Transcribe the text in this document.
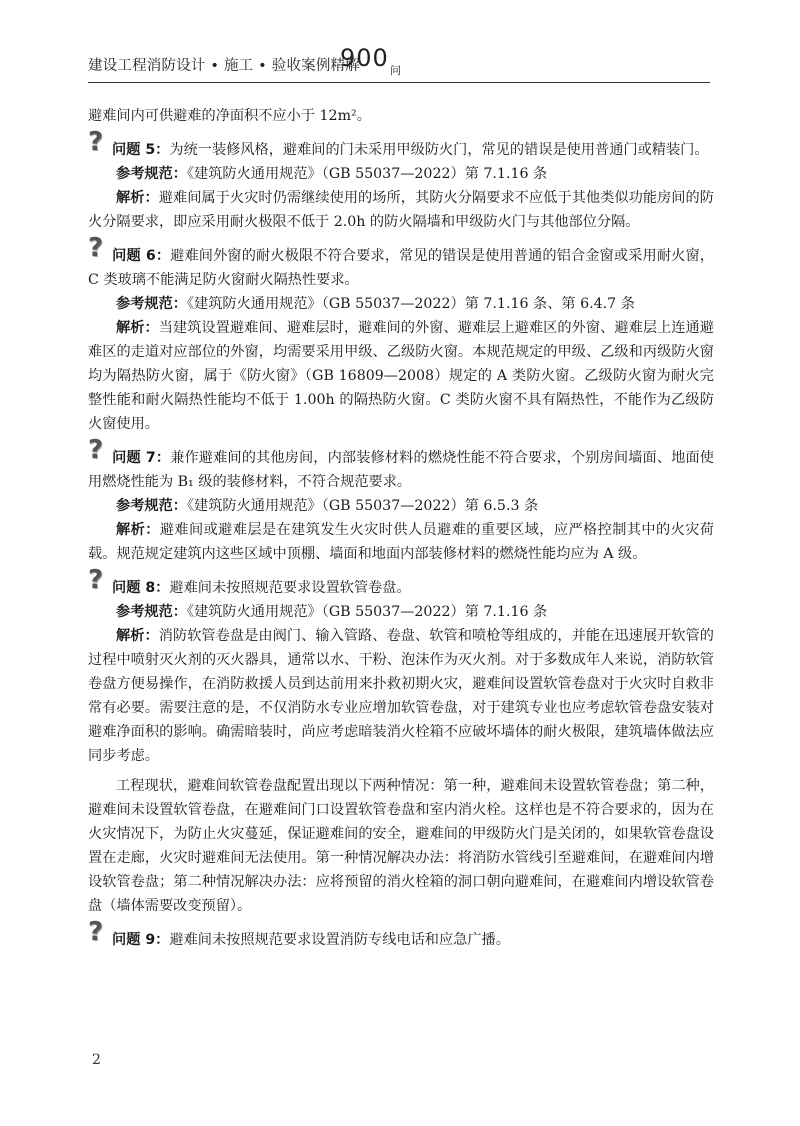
建设工程消防设计 • 施工 • 验收案例精解
900 问

避难间内可供避难的净面积不应小于 12m²。

? 问题 5：为统一装修风格，避难间的门未采用甲级防火门，常见的错误是使用普通门或精装门。

参考规范：《建筑防火通用规范》（GB 55037—2022）第 7.1.16 条

解析：避难间属于火灾时仍需继续使用的场所，其防火分隔要求不应低于其他类似功能房间的防火分隔要求，即应采用耐火极限不低于 2.0h 的防火隔墙和甲级防火门与其他部位分隔。

? 问题 6：避难间外窗的耐火极限不符合要求，常见的错误是使用普通的铝合金窗或采用耐火窗，C 类玻璃不能满足防火窗耐火隔热性要求。

参考规范：《建筑防火通用规范》（GB 55037—2022）第 7.1.16 条、第 6.4.7 条

解析：当建筑设置避难间、避难层时，避难间的外窗、避难层上避难区的外窗、避难层上连通避难区的走道对应部位的外窗，均需要采用甲级、乙级防火窗。本规范规定的甲级、乙级和丙级防火窗均为隔热防火窗，属于《防火窗》（GB 16809—2008）规定的 A 类防火窗。乙级防火窗为耐火完整性能和耐火隔热性能均不低于 1.00h 的隔热防火窗。C 类防火窗不具有隔热性，不能作为乙级防火窗使用。

? 问题 7：兼作避难间的其他房间，内部装修材料的燃烧性能不符合要求，个别房间墙面、地面使用燃烧性能为 B₁ 级的装修材料，不符合规范要求。

参考规范：《建筑防火通用规范》（GB 55037—2022）第 6.5.3 条

解析：避难间或避难层是在建筑发生火灾时供人员避难的重要区域，应严格控制其中的火灾荷载。规范规定建筑内这些区域中顶棚、墙面和地面内部装修材料的燃烧性能均应为 A 级。

? 问题 8：避难间未按照规范要求设置软管卷盘。

参考规范：《建筑防火通用规范》（GB 55037—2022）第 7.1.16 条

解析：消防软管卷盘是由阀门、输入管路、卷盘、软管和喷枪等组成的，并能在迅速展开软管的过程中喷射灭火剂的灭火器具，通常以水、干粉、泡沫作为灭火剂。对于多数成年人来说，消防软管卷盘方便易操作，在消防救援人员到达前用来扑救初期火灾，避难间设置软管卷盘对于火灾时自救非常有必要。需要注意的是，不仅消防水专业应增加软管卷盘，对于建筑专业也应考虑软管卷盘安装对避难净面积的影响。确需暗装时，尚应考虑暗装消火栓箱不应破坏墙体的耐火极限，建筑墙体做法应同步考虑。

工程现状，避难间软管卷盘配置出现以下两种情况：第一种，避难间未设置软管卷盘；第二种，避难间未设置软管卷盘，在避难间门口设置软管卷盘和室内消火栓。这样也是不符合要求的，因为在火灾情况下，为防止火灾蔓延，保证避难间的安全，避难间的甲级防火门是关闭的，如果软管卷盘设置在走廊，火灾时避难间无法使用。第一种情况解决办法：将消防水管线引至避难间，在避难间内增设软管卷盘；第二种情况解决办法：应将预留的消火栓箱的洞口朝向避难间，在避难间内增设软管卷盘（墙体需要改变预留）。

? 问题 9：避难间未按照规范要求设置消防专线电话和应急广播。

2
